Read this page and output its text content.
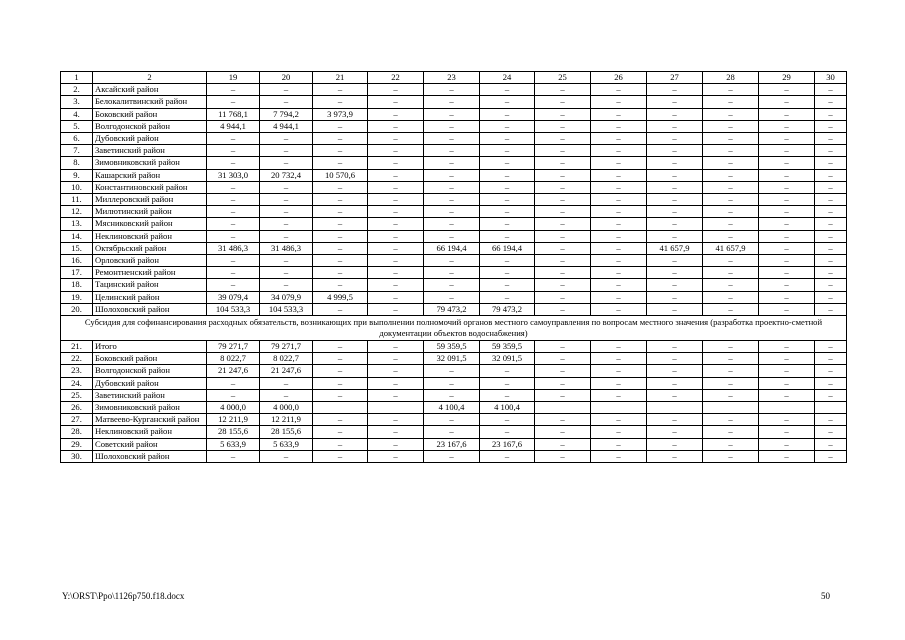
1	2	19	20	21	22	23	24	25	26	27	28	29	30
2.	Аксайский район	–	–	–	–	–	–	–	–	–	–	–	–
3.	Белокалитвинский район	–	–	–	–	–	–	–	–	–	–	–	–
4.	Боковский район	11 768,1	7 794,2	3 973,9	–	–	–	–	–	–	–	–	–
5.	Волгодонской район	4 944,1	4 944,1	–	–	–	–	–	–	–	–	–	–
6.	Дубовский район	–	–	–	–	–	–	–	–	–	–	–	–
7.	Заветинский район	–	–	–	–	–	–	–	–	–	–	–	–
8.	Зимовниковский район	–	–	–	–	–	–	–	–	–	–	–	–
9.	Кашарский район	31 303,0	20 732,4	10 570,6	–	–	–	–	–	–	–	–	–
10.	Константиновский район	–	–	–	–	–	–	–	–	–	–	–	–
11.	Миллеровский район	–	–	–	–	–	–	–	–	–	–	–	–
12.	Милютинский район	–	–	–	–	–	–	–	–	–	–	–	–
13.	Мясниковский район	–	–	–	–	–	–	–	–	–	–	–	–
14.	Неклиновский район	–	–	–	–	–	–	–	–	–	–	–	–
15.	Октябрьский район	31 486,3	31 486,3	–	–	66 194,4	66 194,4	–	–	41 657,9	41 657,9	–	–
16.	Орловский район	–	–	–	–	–	–	–	–	–	–	–	–
17.	Ремонтненский район	–	–	–	–	–	–	–	–	–	–	–	–
18.	Тацинский район	–	–	–	–	–	–	–	–	–	–	–	–
19.	Целинский район	39 079,4	34 079,9	4 999,5	–	–	–	–	–	–	–	–	–
20.	Шолоховский район	104 533,3	104 533,3	–	–	79 473,2	79 473,2	–	–	–	–	–	–
Субсидия для софинансирования расходных обязательств, возникающих при выполнении полномочий органов местного самоуправления по вопросам местного значения (разработка проектно-сметной документации объектов водоснабжения)													
21.	Итого	79 271,7	79 271,7	–	–	59 359,5	59 359,5	–	–	–	–	–	–
22.	Боковский район	8 022,7	8 022,7	–	–	32 091,5	32 091,5	–	–	–	–	–	–
23.	Волгодонской район	21 247,6	21 247,6	–	–	–	–	–	–	–	–	–	–
24.	Дубовский район	–	–	–	–	–	–	–	–	–	–	–	–
25.	Заветинский район	–	–	–	–	–	–	–	–	–	–	–	–
26.	Зимовниковский район	4 000,0	4 000,0			4 100,4	4 100,4						
27.	Матвеево-Курганский район	12 211,9	12 211,9	–	–	–	–	–	–	–	–	–	–
28.	Неклиновский район	28 155,6	28 155,6	–	–	–	–	–	–	–	–	–	–
29.	Советский район	5 633,9	5 633,9	–	–	23 167,6	23 167,6	–	–	–	–	–	–
30.	Шолоховский район	–	–	–	–	–	–	–	–	–	–	–	–
Y:\ORST\Ppo\1126p750.f18.docx	50
